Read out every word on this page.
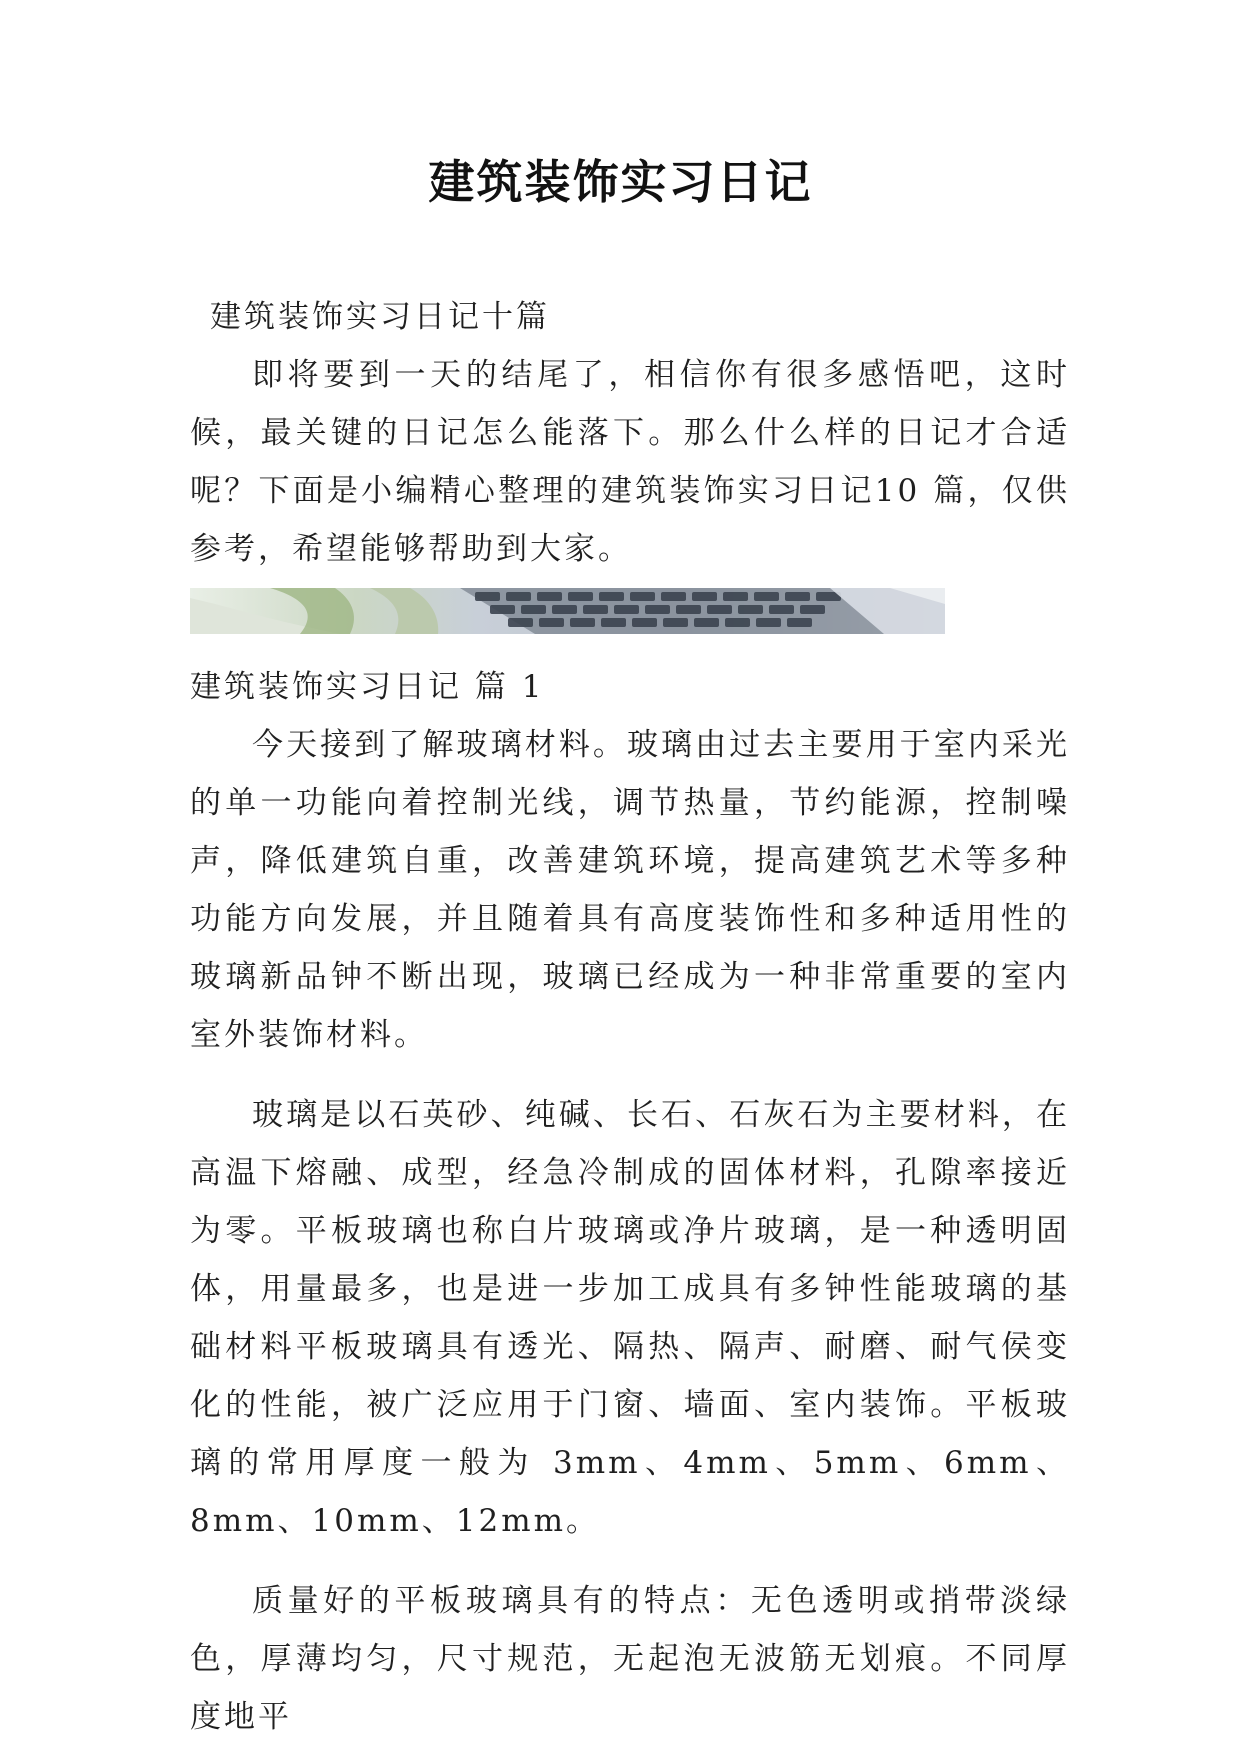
建筑装饰实习日记

建筑装饰实习日记十篇

即将要到一天的结尾了，相信你有很多感悟吧，这时候，最关键的日记怎么能落下。那么什么样的日记才合适呢？下面是小编精心整理的建筑装饰实习日记10 篇，仅供参考，希望能够帮助到大家。

建筑装饰实习日记 篇 1

今天接到了解玻璃材料。玻璃由过去主要用于室内采光的单一功能向着控制光线，调节热量，节约能源，控制噪声，降低建筑自重，改善建筑环境，提高建筑艺术等多种功能方向发展，并且随着具有高度装饰性和多种适用性的玻璃新品钟不断出现，玻璃已经成为一种非常重要的室内室外装饰材料。

玻璃是以石英砂、纯碱、长石、石灰石为主要材料，在高温下熔融、成型，经急冷制成的固体材料，孔隙率接近为零。平板玻璃也称白片玻璃或净片玻璃，是一种透明固体，用量最多，也是进一步加工成具有多钟性能玻璃的基础材料平板玻璃具有透光、隔热、隔声、耐磨、耐气侯变化的性能，被广泛应用于门窗、墙面、室内装饰。平板玻璃的常用厚度一般为 3mm、4mm、5mm、6mm、8mm、10mm、12mm。

质量好的平板玻璃具有的特点：无色透明或捎带淡绿色，厚薄均匀，尺寸规范，无起泡无波筋无划痕。不同厚度地平
